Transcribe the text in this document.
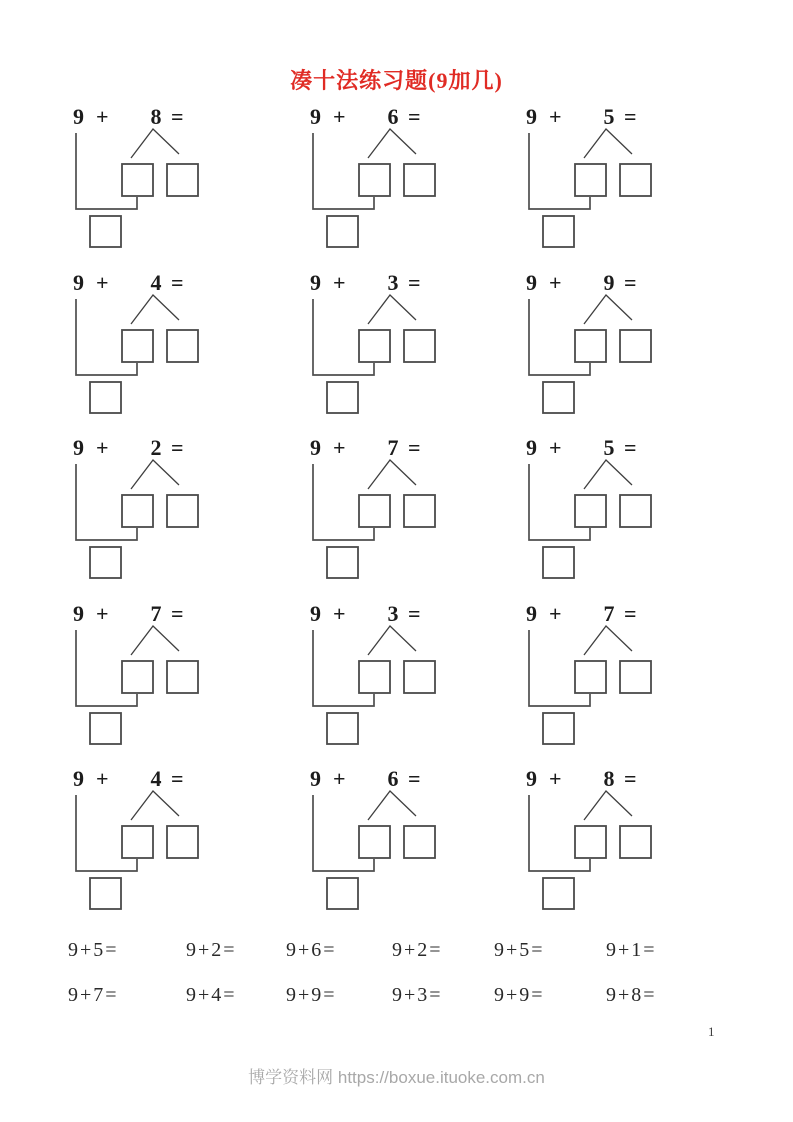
凑十法练习题(9加几)
9 + 8 =	9 + 6 =	9 + 5 =
9 + 4 =	9 + 3 =	9 + 9 =
9 + 2 =	9 + 7 =	9 + 5 =
9 + 7 =	9 + 3 =	9 + 7 =
9 + 4 =	9 + 6 =	9 + 8 =
9+5=	9+2= 9+6=	9+2=	9+5=	9+1=
9+7=	9+4= 9+9=	9+3=	9+9=	9+8=
1
博学资料网 https://boxue.ituoke.com.cn
